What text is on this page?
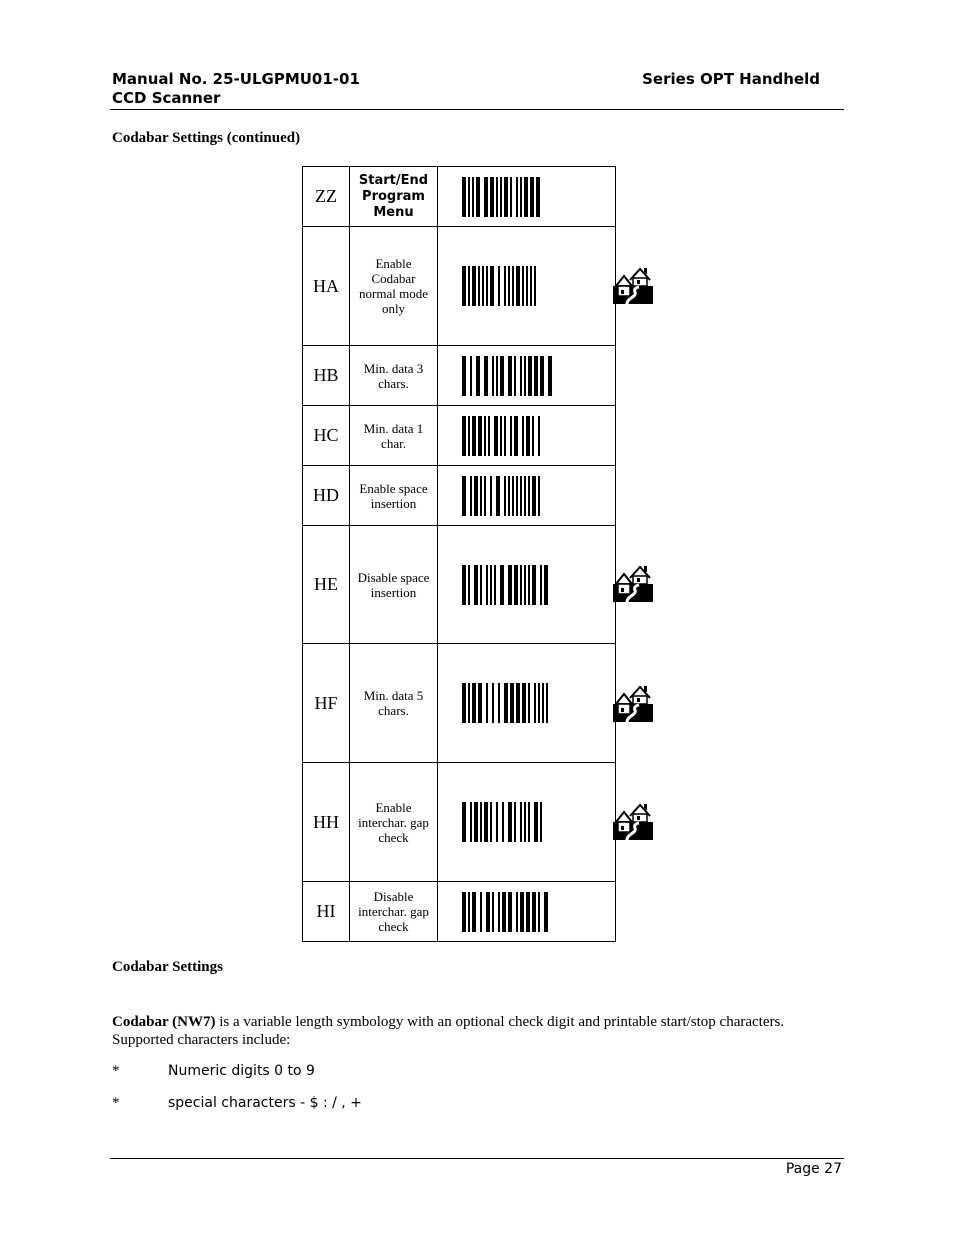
Manual No. 25-ULGPMU01-01
CCD Scanner
Series OPT Handheld
Codabar Settings (continued)
ZZ	Start/End Program Menu	

HA	Enable Codabar normal mode only	

HB	Min. data 3 chars.	

HC	Min. data 1 char.	

HD	Enable space insertion	

HE	Disable space insertion	

HF	Min. data 5 chars.	

HH	Enable interchar. gap check	

HI	Disable interchar. gap check	
Codabar Settings
Codabar (NW7) is a variable length symbology with an optional check digit and printable start/stop characters. Supported characters include:
*	Numeric digits 0 to 9
*	special characters - $ : / , +
Page 27
